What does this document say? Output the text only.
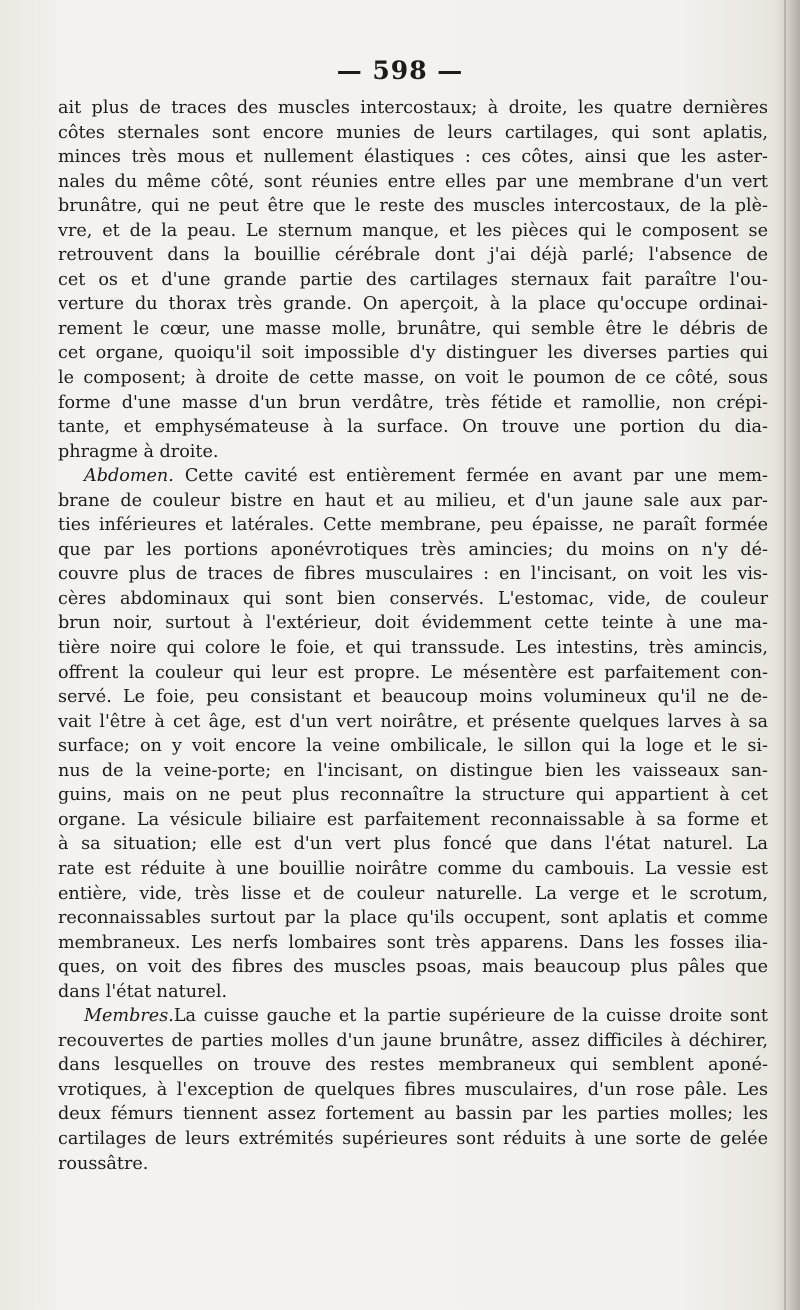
— 598 —
ait plus de traces des muscles intercostaux; à droite, les quatre dernières
côtes sternales sont encore munies de leurs cartilages, qui sont aplatis,
minces très mous et nullement élastiques : ces côtes, ainsi que les aster-
nales du même côté, sont réunies entre elles par une membrane d'un vert
brunâtre, qui ne peut être que le reste des muscles intercostaux, de la plè-
vre, et de la peau. Le sternum manque, et les pièces qui le composent se
retrouvent dans la bouillie cérébrale dont j'ai déjà parlé; l'absence de
cet os et d'une grande partie des cartilages sternaux fait paraître l'ou-
verture du thorax très grande. On aperçoit, à la place qu'occupe ordinai-
rement le cœur, une masse molle, brunâtre, qui semble être le débris de
cet organe, quoiqu'il soit impossible d'y distinguer les diverses parties qui
le composent; à droite de cette masse, on voit le poumon de ce côté, sous
forme d'une masse d'un brun verdâtre, très fétide et ramollie, non crépi-
tante, et emphysémateuse à la surface. On trouve une portion du dia-
phragme à droite.
Abdomen. Cette cavité est entièrement fermée en avant par une mem-
brane de couleur bistre en haut et au milieu, et d'un jaune sale aux par-
ties inférieures et latérales. Cette membrane, peu épaisse, ne paraît formée
que par les portions aponévrotiques très amincies; du moins on n'y dé-
couvre plus de traces de fibres musculaires : en l'incisant, on voit les vis-
cères abdominaux qui sont bien conservés. L'estomac, vide, de couleur
brun noir, surtout à l'extérieur, doit évidemment cette teinte à une ma-
tière noire qui colore le foie, et qui transsude. Les intestins, très amincis,
offrent la couleur qui leur est propre. Le mésentère est parfaitement con-
servé. Le foie, peu consistant et beaucoup moins volumineux qu'il ne de-
vait l'être à cet âge, est d'un vert noirâtre, et présente quelques larves à sa
surface; on y voit encore la veine ombilicale, le sillon qui la loge et le si-
nus de la veine-porte; en l'incisant, on distingue bien les vaisseaux san-
guins, mais on ne peut plus reconnaître la structure qui appartient à cet
organe. La vésicule biliaire est parfaitement reconnaissable à sa forme et
à sa situation; elle est d'un vert plus foncé que dans l'état naturel. La
rate est réduite à une bouillie noirâtre comme du cambouis. La vessie est
entière, vide, très lisse et de couleur naturelle. La verge et le scrotum,
reconnaissables surtout par la place qu'ils occupent, sont aplatis et comme
membraneux. Les nerfs lombaires sont très apparens. Dans les fosses ilia-
ques, on voit des fibres des muscles psoas, mais beaucoup plus pâles que
dans l'état naturel.
Membres.La cuisse gauche et la partie supérieure de la cuisse droite sont
recouvertes de parties molles d'un jaune brunâtre, assez difficiles à déchirer,
dans lesquelles on trouve des restes membraneux qui semblent aponé-
vrotiques, à l'exception de quelques fibres musculaires, d'un rose pâle. Les
deux fémurs tiennent assez fortement au bassin par les parties molles; les
cartilages de leurs extrémités supérieures sont réduits à une sorte de gelée
roussâtre.
